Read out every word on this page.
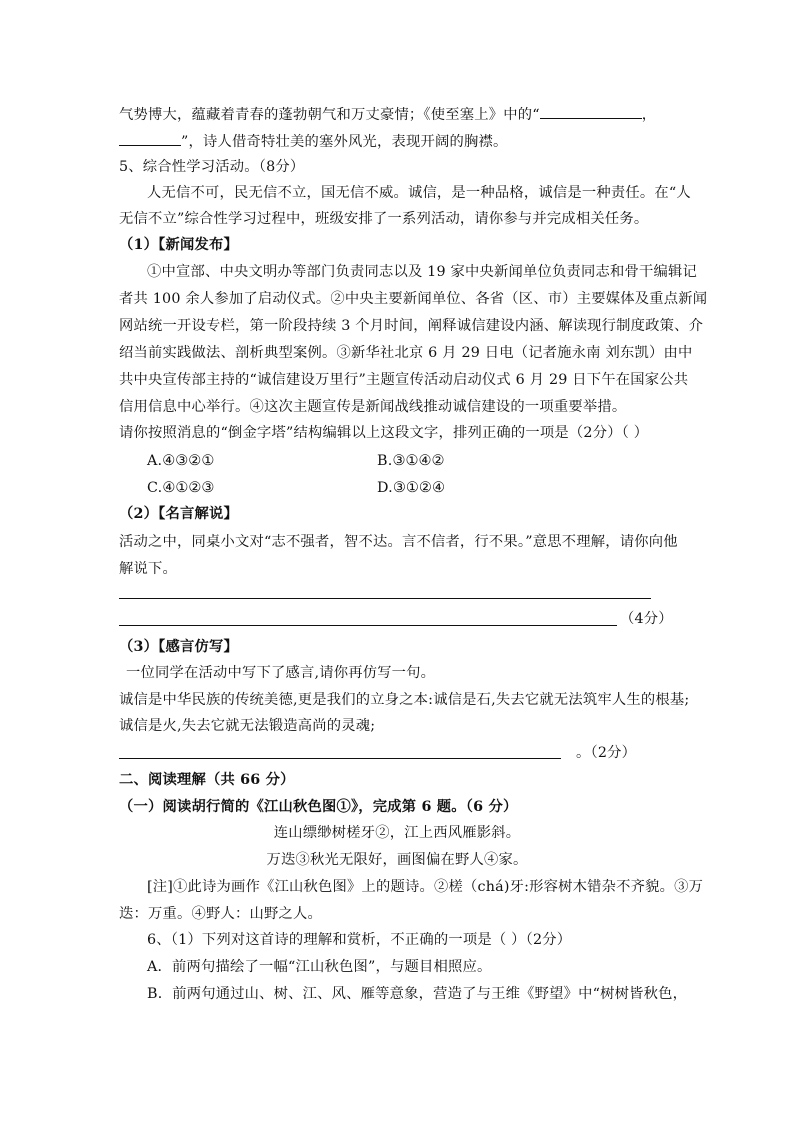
气势博大，蕴藏着青春的蓬勃朝气和万丈豪情；《使至塞上》中的“	，
”，诗人借奇特壮美的塞外风光，表现开阔的胸襟。
5、综合性学习活动。（8分）
人无信不可，民无信不立，国无信不威。诚信，是一种品格，诚信是一种责任。在“人
无信不立”综合性学习过程中，班级安排了一系列活动，请你参与并完成相关任务。
（1）【新闻发布】
①中宣部、中央文明办等部门负责同志以及 19 家中央新闻单位负责同志和骨干编辑记
者共 100 余人参加了启动仪式。②中央主要新闻单位、各省（区、市）主要媒体及重点新闻
网站统一开设专栏，第一阶段持续 3 个月时间，阐释诚信建设内涵、解读现行制度政策、介
绍当前实践做法、剖析典型案例。③新华社北京 6 月 29 日电（记者施永南 刘东凯）由中
共中央宣传部主持的“诚信建设万里行”主题宣传活动启动仪式 6 月 29 日下午在国家公共
信用信息中心举行。④这次主题宣传是新闻战线推动诚信建设的一项重要举措。
请你按照消息的“倒金字塔”结构编辑以上这段文字，排列正确的一项是（2分）（ ）
A.④③②①	B.③①④②
C.④①②③	D.③①②④
（2）【名言解说】
活动之中，同桌小文对“志不强者，智不达。言不信者，行不果。”意思不理解，请你向他
解说下。
（4分）
（3）【感言仿写】
一位同学在活动中写下了感言,请你再仿写一句。
诚信是中华民族的传统美德,更是我们的立身之本:诚信是石,失去它就无法筑牢人生的根基;
诚信是火,失去它就无法锻造高尚的灵魂;
。（2分）
二、阅读理解（共 66 分）
（一）阅读胡行简的《江山秋色图①》，完成第 6 题。（6 分）
连山缥缈树槎牙②，江上西风雁影斜。
万迭③秋光无限好，画图偏在野人④家。
[注]①此诗为画作《江山秋色图》上的题诗。②槎（chá)牙:形容树木错杂不齐貌。③万
迭：万重。④野人：山野之人。
6、（1）下列对这首诗的理解和赏析，不正确的一项是（ ）（2分）
A．前两句描绘了一幅“江山秋色图”，与题目相照应。
B．前两句通过山、树、江、风、雁等意象，营造了与王维《野望》中“树树皆秋色，
